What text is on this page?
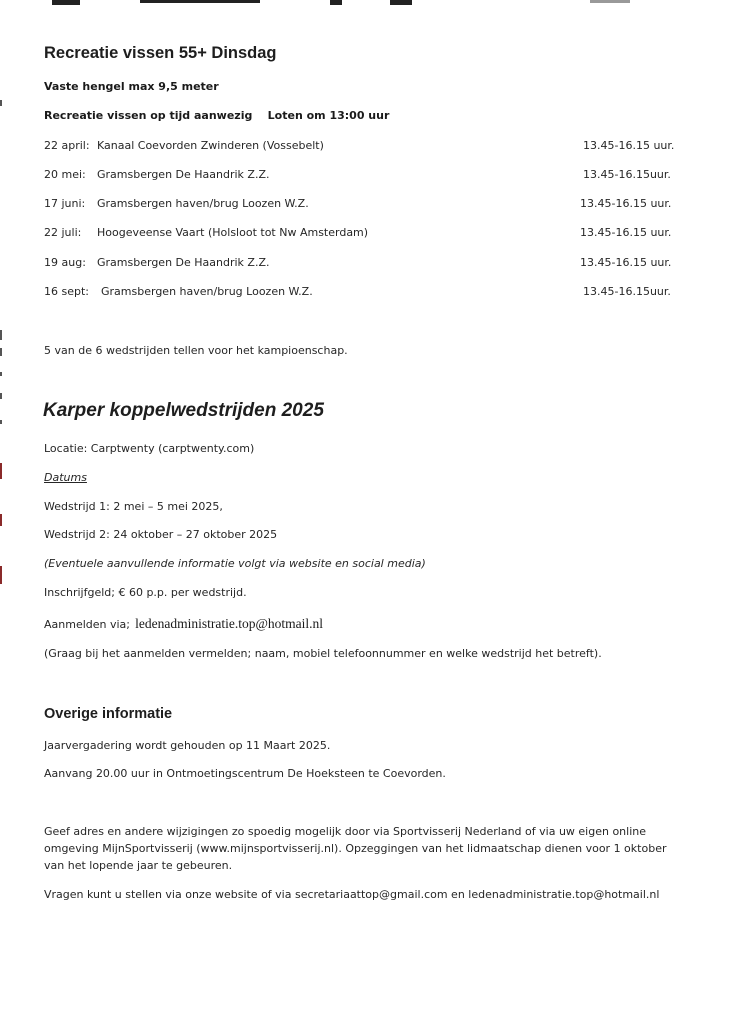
Recreatie vissen 55+ Dinsdag
Vaste hengel max 9,5 meter
Recreatie vissen op tijd aanwezig    Loten om 13:00 uur
22 april: Kanaal Coevorden Zwinderen (Vossebelt)	13.45-16.15 uur.
20 mei: Gramsbergen De Haandrik Z.Z.	13.45-16.15uur.
17 juni: Gramsbergen haven/brug Loozen W.Z.	13.45-16.15 uur.
22 juli: Hoogeveense Vaart (Holsloot tot Nw Amsterdam)	13.45-16.15 uur.
19 aug: Gramsbergen De Haandrik Z.Z.	13.45-16.15 uur.
16 sept: Gramsbergen haven/brug Loozen W.Z.	13.45-16.15uur.
5 van de 6 wedstrijden tellen voor het kampioenschap.
Karper koppelwedstrijden 2025
Locatie: Carptwenty (carptwenty.com)
Datums
Wedstrijd 1: 2 mei – 5 mei 2025,
Wedstrijd 2: 24 oktober – 27 oktober 2025
(Eventuele aanvullende informatie volgt via website en social media)
Inschrijfgeld; € 60 p.p. per wedstrijd.
Aanmelden via; ledenadministratie.top@hotmail.nl
(Graag bij het aanmelden vermelden; naam, mobiel telefoonnummer en welke wedstrijd het betreft).
Overige informatie
Jaarvergadering wordt gehouden op 11 Maart 2025.
Aanvang 20.00 uur in Ontmoetingscentrum De Hoeksteen te Coevorden.
Geef adres en andere wijzigingen zo spoedig mogelijk door via Sportvisserij Nederland of via uw eigen online
omgeving MijnSportvisserij (www.mijnsportvisserij.nl). Opzeggingen van het lidmaatschap dienen voor 1 oktober
van het lopende jaar te gebeuren.
Vragen kunt u stellen via onze website of via secretariaattop@gmail.com en ledenadministratie.top@hotmail.nl
